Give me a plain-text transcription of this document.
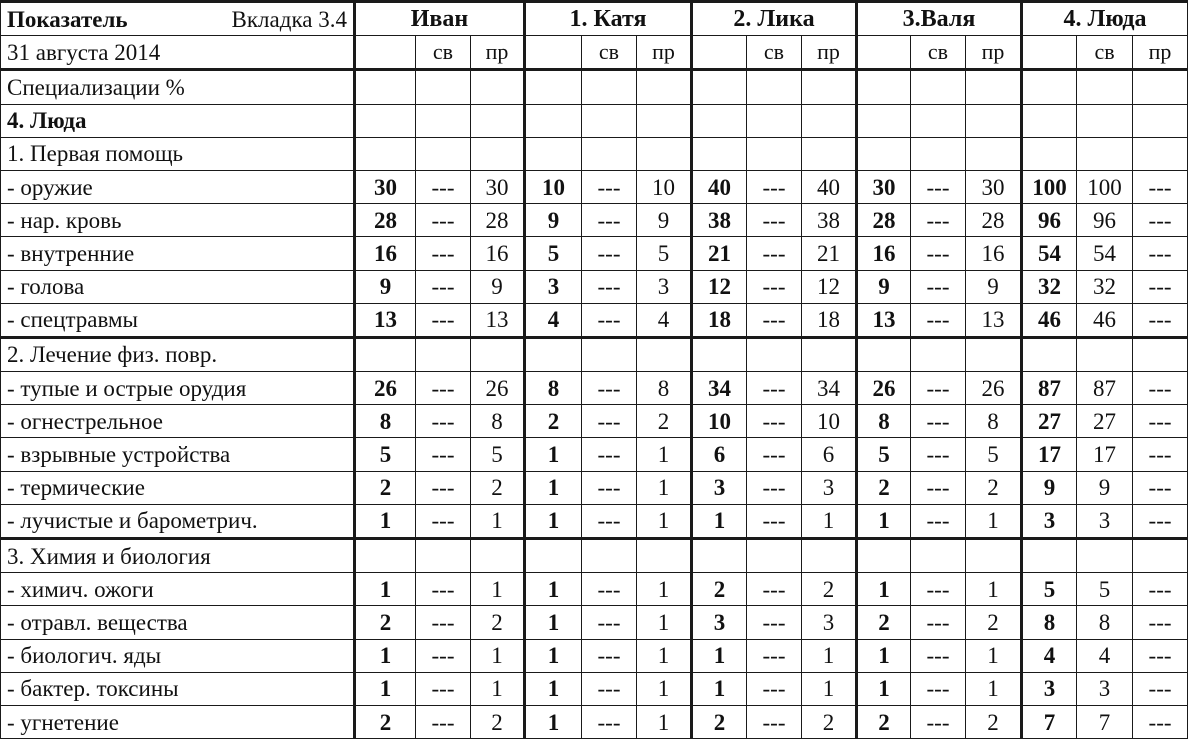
Показатель Вкладка 3.4	Иван			1. Катя			2. Лика			3.Валя			4. Люда		
31 августа 2014		св	пр		св	пр		св	пр		св	пр		св	пр
Специализации %															
4. Люда															
1. Первая помощь															
- оружие	30	---	30	10	---	10	40	---	40	30	---	30	100	100	---
- нар. кровь	28	---	28	9	---	9	38	---	38	28	---	28	96	96	---
- внутренние	16	---	16	5	---	5	21	---	21	16	---	16	54	54	---
- голова	9	---	9	3	---	3	12	---	12	9	---	9	32	32	---
- спецтравмы	13	---	13	4	---	4	18	---	18	13	---	13	46	46	---
2. Лечение физ. повр.															
- тупые и острые орудия	26	---	26	8	---	8	34	---	34	26	---	26	87	87	---
- огнестрельное	8	---	8	2	---	2	10	---	10	8	---	8	27	27	---
- взрывные устройства	5	---	5	1	---	1	6	---	6	5	---	5	17	17	---
- термические	2	---	2	1	---	1	3	---	3	2	---	2	9	9	---
- лучистые и барометрич.	1	---	1	1	---	1	1	---	1	1	---	1	3	3	---
3. Химия и биология															
- химич. ожоги	1	---	1	1	---	1	2	---	2	1	---	1	5	5	---
- отравл. вещества	2	---	2	1	---	1	3	---	3	2	---	2	8	8	---
- биологич. яды	1	---	1	1	---	1	1	---	1	1	---	1	4	4	---
- бактер. токсины	1	---	1	1	---	1	1	---	1	1	---	1	3	3	---
- угнетение	2	---	2	1	---	1	2	---	2	2	---	2	7	7	---
